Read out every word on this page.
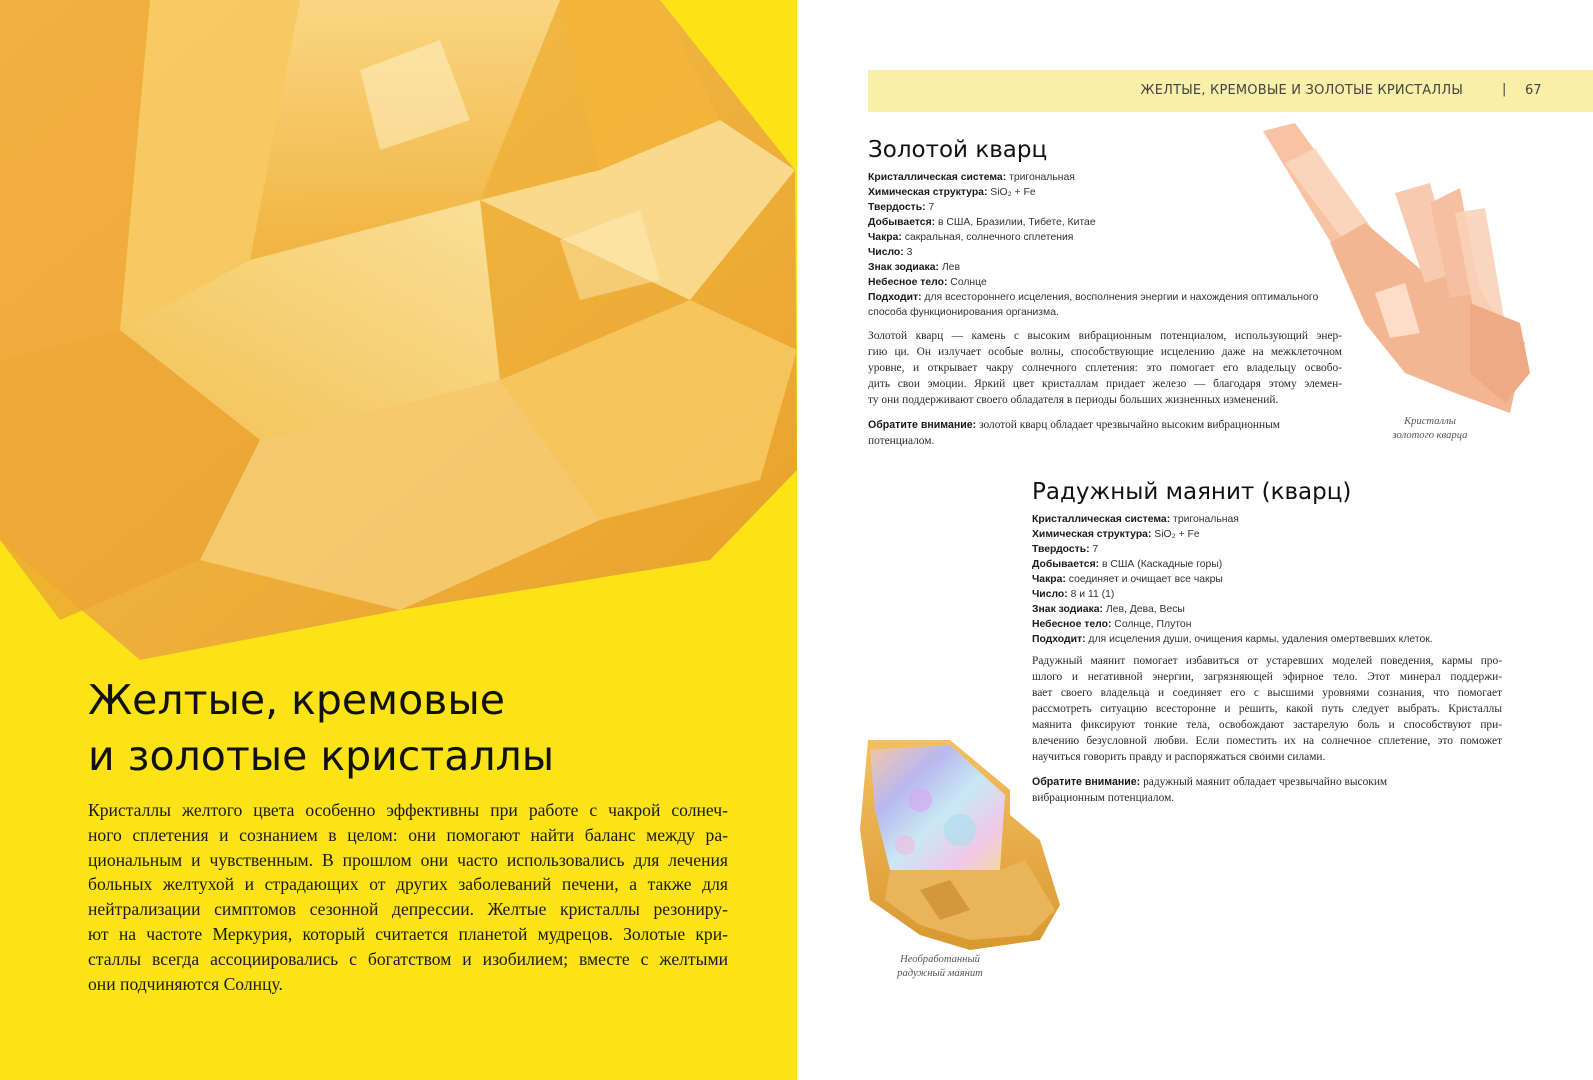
Желтые, кремовые
и золотые кристаллы
Кристаллы желтого цвета особенно эффективны при работе с чакрой солнеч-
ного сплетения и сознанием в целом: они помогают найти баланс между ра-
циональным и чувственным. В прошлом они часто использовались для лечения
больных желтухой и страдающих от других заболеваний печени, а также для
нейтрализации симптомов сезонной депрессии. Желтые кристаллы резониру-
ют на частоте Меркурия, который считается планетой мудрецов. Золотые кри-
сталлы всегда ассоциировались с богатством и изобилием; вместе с желтыми
они подчиняются Солнцу.
ЖЕЛТЫЕ, КРЕМОВЫЕ И ЗОЛОТЫЕ КРИСТАЛЛЫ	| 67
Золотой кварц
Кристаллическая система: тригональная
Химическая структура: SiO₂ + Fe
Твердость: 7
Добывается: в США, Бразилии, Тибете, Китае
Чакра: сакральная, солнечного сплетения
Число: 3
Знак зодиака: Лев
Небесное тело: Солнце
Подходит: для всестороннего исцеления, восполнения энергии и нахождения оптимального
способа функционирования организма.
Золотой кварц — камень с высоким вибрационным потенциалом, использующий энер-
гию ци. Он излучает особые волны, способствующие исцелению даже на межклеточном
уровне, и открывает чакру солнечного сплетения: это помогает его владельцу освобо-
дить свои эмоции. Яркий цвет кристаллам придает железо — благодаря этому элемен-
ту они поддерживают своего обладателя в периоды больших жизненных изменений.
Обратите внимание: золотой кварц обладает чрезвычайно высоким вибрационным
потенциалом.
Кристаллы
золотого кварца
Радужный маянит (кварц)
Кристаллическая система: тригональная
Химическая структура: SiO₂ + Fe
Твердость: 7
Добывается: в США (Каскадные горы)
Чакра: соединяет и очищает все чакры
Число: 8 и 11 (1)
Знак зодиака: Лев, Дева, Весы
Небесное тело: Солнце, Плутон
Подходит: для исцеления души, очищения кармы, удаления омертвевших клеток.
Радужный маянит помогает избавиться от устаревших моделей поведения, кармы про-
шлого и негативной энергии, загрязняющей эфирное тело. Этот минерал поддержи-
вает своего владельца и соединяет его с высшими уровнями сознания, что помогает
рассмотреть ситуацию всесторонне и решить, какой путь следует выбрать. Кристаллы
маянита фиксируют тонкие тела, освобождают застарелую боль и способствуют при-
влечению безусловной любви. Если поместить их на солнечное сплетение, это поможет
научиться говорить правду и распоряжаться своими силами.
Обратите внимание: радужный маянит обладает чрезвычайно высоким
вибрационным потенциалом.
Необработанный
радужный маянит
